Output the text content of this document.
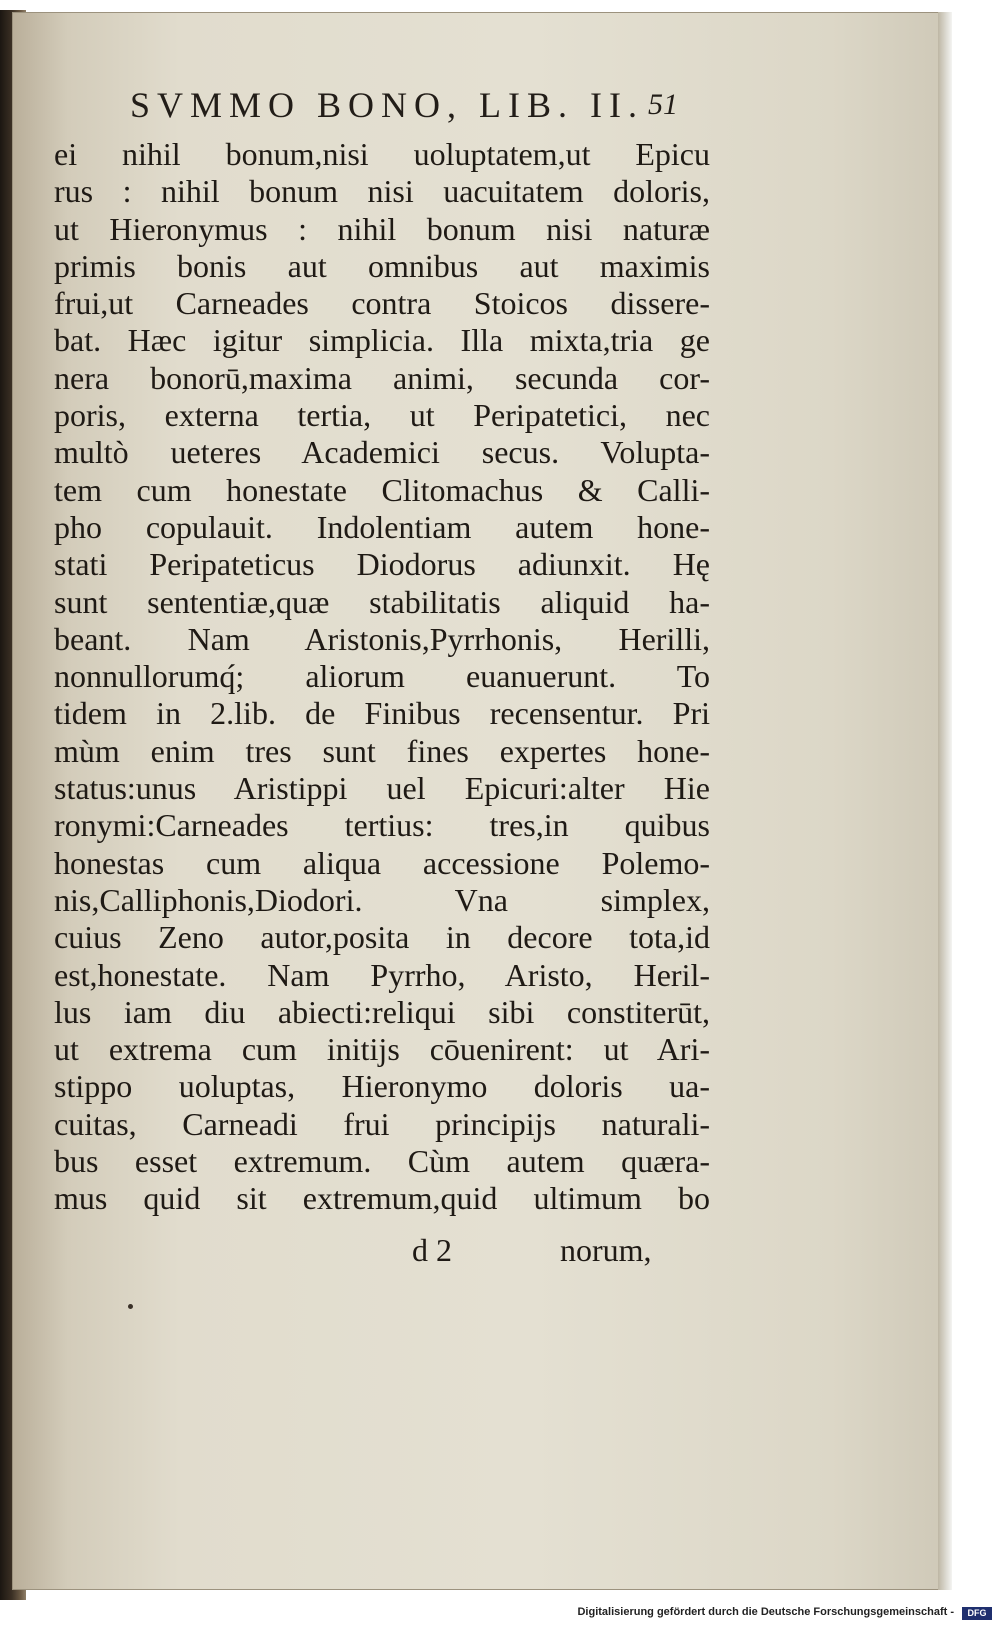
SVMMO BONO, LIB. II. 51
ei nihil bonum,nisi uoluptatem,ut Epicu
rus : nihil bonum nisi uacuitatem doloris,
ut Hieronymus : nihil bonum nisi naturæ
primis bonis aut omnibus aut maximis
frui,ut Carneades contra Stoicos dissere-
bat. Hæc igitur simplicia. Illa mixta,tria ge
nera bonorū,maxima animi, secunda cor-
poris, externa tertia, ut Peripatetici, nec
multò ueteres Academici secus. Volupta-
tem cum honestate Clitomachus & Calli-
pho copulauit. Indolentiam autem hone-
stati Peripateticus Diodorus adiunxit. Hę
sunt sententiæ,quæ stabilitatis aliquid ha-
beant. Nam Aristonis,Pyrrhonis, Herilli,
nonnullorumq́; aliorum euanuerunt. To
tidem in 2.lib. de Finibus recensentur. Pri
mùm enim tres sunt fines expertes hone-
status:unus Aristippi uel Epicuri:alter Hie
ronymi:Carneades tertius: tres,in quibus
honestas cum aliqua accessione Polemo-
nis,Calliphonis,Diodori. Vna simplex,
cuius Zeno autor,posita in decore tota,id
est,honestate. Nam Pyrrho, Aristo, Heril-
lus iam diu abiecti:reliqui sibi constiterūt,
ut extrema cum initijs cōuenirent: ut Ari-
stippo uoluptas, Hieronymo doloris ua-
cuitas, Carneadi frui principijs naturali-
bus esset extremum. Cùm autem quæra-
mus quid sit extremum,quid ultimum bo
d 2	norum,
Digitalisierung gefördert durch die Deutsche Forschungsgemeinschaft -	DFG
